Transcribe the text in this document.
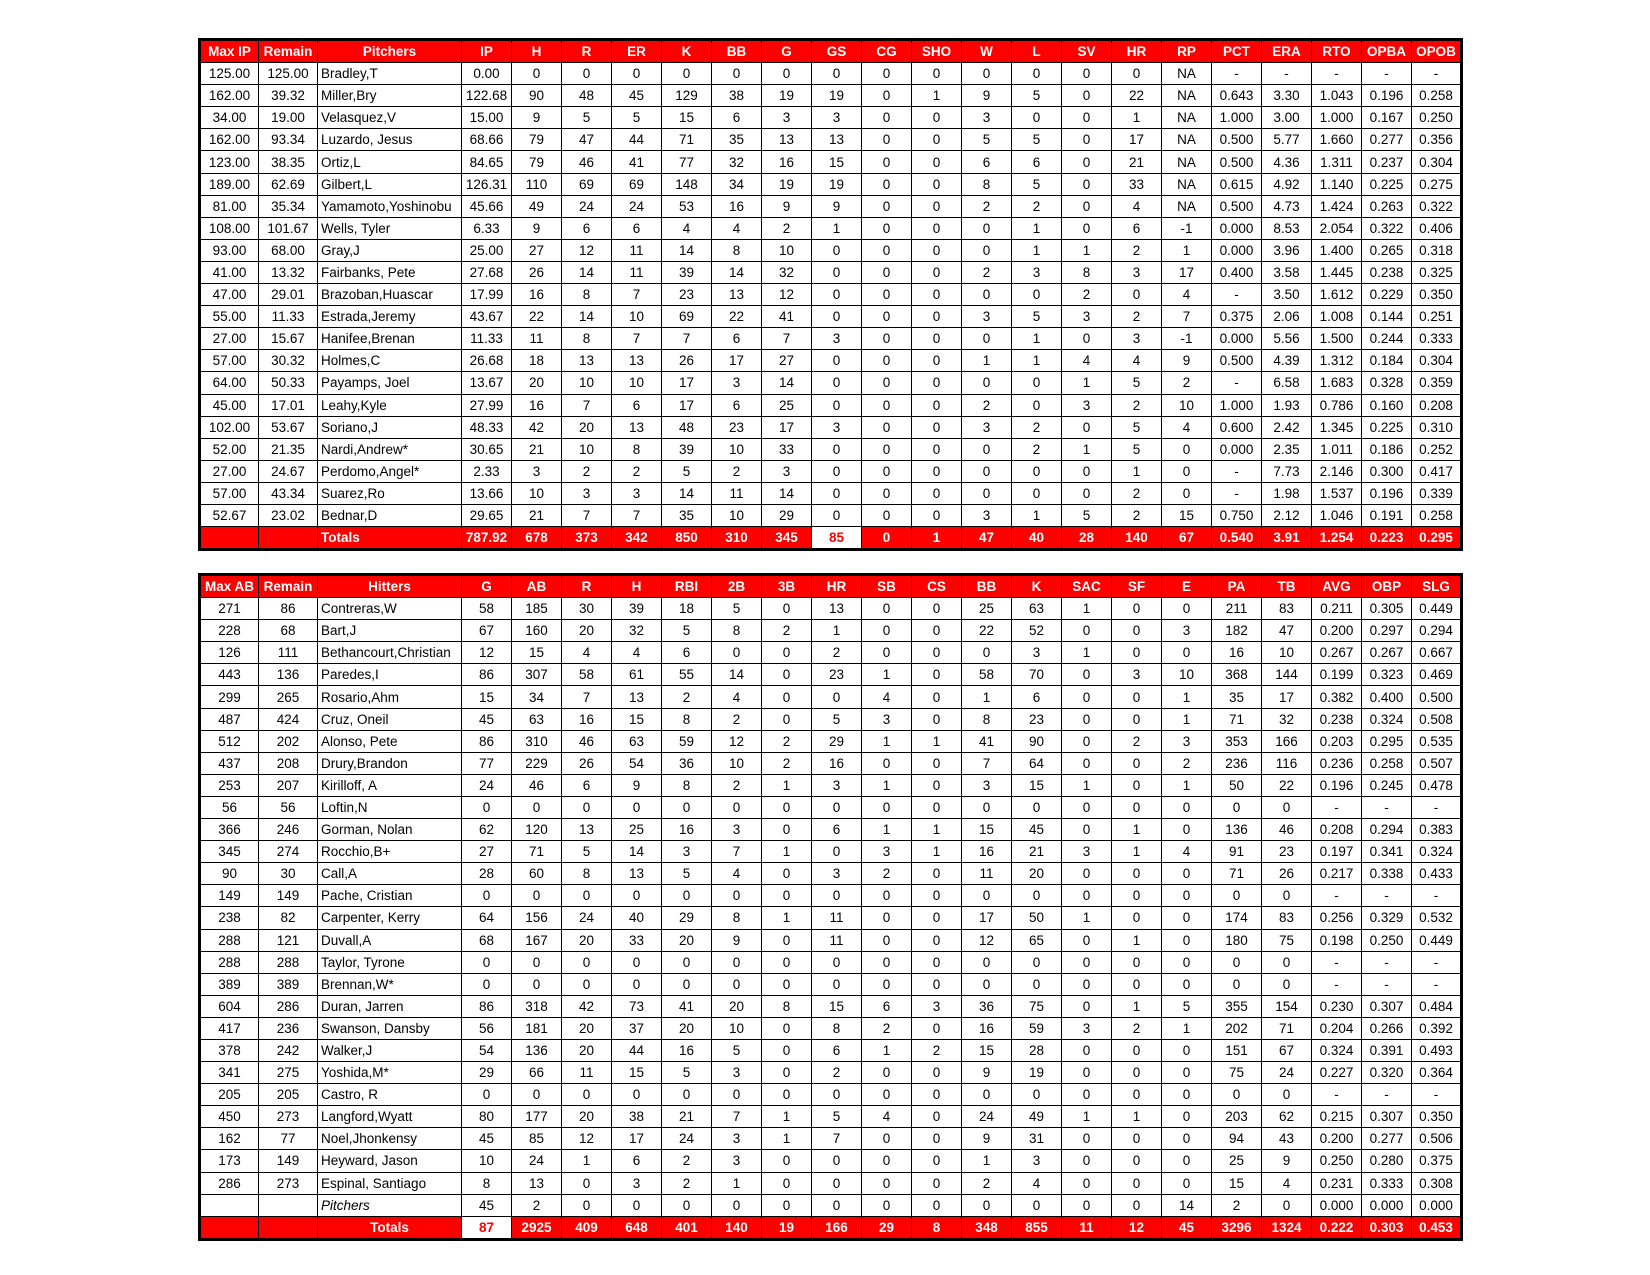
Max IP	Remain	Pitchers	IP	H	R	ER	K	BB	G	GS	CG	SHO	W	L	SV	HR	RP	PCT	ERA	RTO	OPBA	OPOB
125.00	125.00	Bradley,T	0.00	0	0	0	0	0	0	0	0	0	0	0	0	0	NA	-	-	-	-	-
162.00	39.32	Miller,Bry	122.68	90	48	45	129	38	19	19	0	1	9	5	0	22	NA	0.643	3.30	1.043	0.196	0.258
34.00	19.00	Velasquez,V	15.00	9	5	5	15	6	3	3	0	0	3	0	0	1	NA	1.000	3.00	1.000	0.167	0.250
162.00	93.34	Luzardo, Jesus	68.66	79	47	44	71	35	13	13	0	0	5	5	0	17	NA	0.500	5.77	1.660	0.277	0.356
123.00	38.35	Ortiz,L	84.65	79	46	41	77	32	16	15	0	0	6	6	0	21	NA	0.500	4.36	1.311	0.237	0.304
189.00	62.69	Gilbert,L	126.31	110	69	69	148	34	19	19	0	0	8	5	0	33	NA	0.615	4.92	1.140	0.225	0.275
81.00	35.34	Yamamoto,Yoshinobu	45.66	49	24	24	53	16	9	9	0	0	2	2	0	4	NA	0.500	4.73	1.424	0.263	0.322
108.00	101.67	Wells, Tyler	6.33	9	6	6	4	4	2	1	0	0	0	1	0	6	-1	0.000	8.53	2.054	0.322	0.406
93.00	68.00	Gray,J	25.00	27	12	11	14	8	10	0	0	0	0	1	1	2	1	0.000	3.96	1.400	0.265	0.318
41.00	13.32	Fairbanks, Pete	27.68	26	14	11	39	14	32	0	0	0	2	3	8	3	17	0.400	3.58	1.445	0.238	0.325
47.00	29.01	Brazoban,Huascar	17.99	16	8	7	23	13	12	0	0	0	0	0	2	0	4	-	3.50	1.612	0.229	0.350
55.00	11.33	Estrada,Jeremy	43.67	22	14	10	69	22	41	0	0	0	3	5	3	2	7	0.375	2.06	1.008	0.144	0.251
27.00	15.67	Hanifee,Brenan	11.33	11	8	7	7	6	7	3	0	0	0	1	0	3	-1	0.000	5.56	1.500	0.244	0.333
57.00	30.32	Holmes,C	26.68	18	13	13	26	17	27	0	0	0	1	1	4	4	9	0.500	4.39	1.312	0.184	0.304
64.00	50.33	Payamps, Joel	13.67	20	10	10	17	3	14	0	0	0	0	0	1	5	2	-	6.58	1.683	0.328	0.359
45.00	17.01	Leahy,Kyle	27.99	16	7	6	17	6	25	0	0	0	2	0	3	2	10	1.000	1.93	0.786	0.160	0.208
102.00	53.67	Soriano,J	48.33	42	20	13	48	23	17	3	0	0	3	2	0	5	4	0.600	2.42	1.345	0.225	0.310
52.00	21.35	Nardi,Andrew*	30.65	21	10	8	39	10	33	0	0	0	0	2	1	5	0	0.000	2.35	1.011	0.186	0.252
27.00	24.67	Perdomo,Angel*	2.33	3	2	2	5	2	3	0	0	0	0	0	0	1	0	-	7.73	2.146	0.300	0.417
57.00	43.34	Suarez,Ro	13.66	10	3	3	14	11	14	0	0	0	0	0	0	2	0	-	1.98	1.537	0.196	0.339
52.67	23.02	Bednar,D	29.65	21	7	7	35	10	29	0	0	0	3	1	5	2	15	0.750	2.12	1.046	0.191	0.258
		Totals	787.92	678	373	342	850	310	345	85	0	1	47	40	28	140	67	0.540	3.91	1.254	0.223	0.295
Max AB	Remain	Hitters	G	AB	R	H	RBI	2B	3B	HR	SB	CS	BB	K	SAC	SF	E	PA	TB	AVG	OBP	SLG
271	86	Contreras,W	58	185	30	39	18	5	0	13	0	0	25	63	1	0	0	211	83	0.211	0.305	0.449
228	68	Bart,J	67	160	20	32	5	8	2	1	0	0	22	52	0	0	3	182	47	0.200	0.297	0.294
126	111	Bethancourt,Christian	12	15	4	4	6	0	0	2	0	0	0	3	1	0	0	16	10	0.267	0.267	0.667
443	136	Paredes,I	86	307	58	61	55	14	0	23	1	0	58	70	0	3	10	368	144	0.199	0.323	0.469
299	265	Rosario,Ahm	15	34	7	13	2	4	0	0	4	0	1	6	0	0	1	35	17	0.382	0.400	0.500
487	424	Cruz, Oneil	45	63	16	15	8	2	0	5	3	0	8	23	0	0	1	71	32	0.238	0.324	0.508
512	202	Alonso, Pete	86	310	46	63	59	12	2	29	1	1	41	90	0	2	3	353	166	0.203	0.295	0.535
437	208	Drury,Brandon	77	229	26	54	36	10	2	16	0	0	7	64	0	0	2	236	116	0.236	0.258	0.507
253	207	Kirilloff, A	24	46	6	9	8	2	1	3	1	0	3	15	1	0	1	50	22	0.196	0.245	0.478
56	56	Loftin,N	0	0	0	0	0	0	0	0	0	0	0	0	0	0	0	0	0	-	-	-
366	246	Gorman, Nolan	62	120	13	25	16	3	0	6	1	1	15	45	0	1	0	136	46	0.208	0.294	0.383
345	274	Rocchio,B+	27	71	5	14	3	7	1	0	3	1	16	21	3	1	4	91	23	0.197	0.341	0.324
90	30	Call,A	28	60	8	13	5	4	0	3	2	0	11	20	0	0	0	71	26	0.217	0.338	0.433
149	149	Pache, Cristian	0	0	0	0	0	0	0	0	0	0	0	0	0	0	0	0	0	-	-	-
238	82	Carpenter, Kerry	64	156	24	40	29	8	1	11	0	0	17	50	1	0	0	174	83	0.256	0.329	0.532
288	121	Duvall,A	68	167	20	33	20	9	0	11	0	0	12	65	0	1	0	180	75	0.198	0.250	0.449
288	288	Taylor, Tyrone	0	0	0	0	0	0	0	0	0	0	0	0	0	0	0	0	0	-	-	-
389	389	Brennan,W*	0	0	0	0	0	0	0	0	0	0	0	0	0	0	0	0	0	-	-	-
604	286	Duran, Jarren	86	318	42	73	41	20	8	15	6	3	36	75	0	1	5	355	154	0.230	0.307	0.484
417	236	Swanson, Dansby	56	181	20	37	20	10	0	8	2	0	16	59	3	2	1	202	71	0.204	0.266	0.392
378	242	Walker,J	54	136	20	44	16	5	0	6	1	2	15	28	0	0	0	151	67	0.324	0.391	0.493
341	275	Yoshida,M*	29	66	11	15	5	3	0	2	0	0	9	19	0	0	0	75	24	0.227	0.320	0.364
205	205	Castro, R	0	0	0	0	0	0	0	0	0	0	0	0	0	0	0	0	0	-	-	-
450	273	Langford,Wyatt	80	177	20	38	21	7	1	5	4	0	24	49	1	1	0	203	62	0.215	0.307	0.350
162	77	Noel,Jhonkensy	45	85	12	17	24	3	1	7	0	0	9	31	0	0	0	94	43	0.200	0.277	0.506
173	149	Heyward, Jason	10	24	1	6	2	3	0	0	0	0	1	3	0	0	0	25	9	0.250	0.280	0.375
286	273	Espinal, Santiago	8	13	0	3	2	1	0	0	0	0	2	4	0	0	0	15	4	0.231	0.333	0.308
		Pitchers	45	2	0	0	0	0	0	0	0	0	0	0	0	0	14	2	0	0.000	0.000	0.000
		Totals	87	2925	409	648	401	140	19	166	29	8	348	855	11	12	45	3296	1324	0.222	0.303	0.453
